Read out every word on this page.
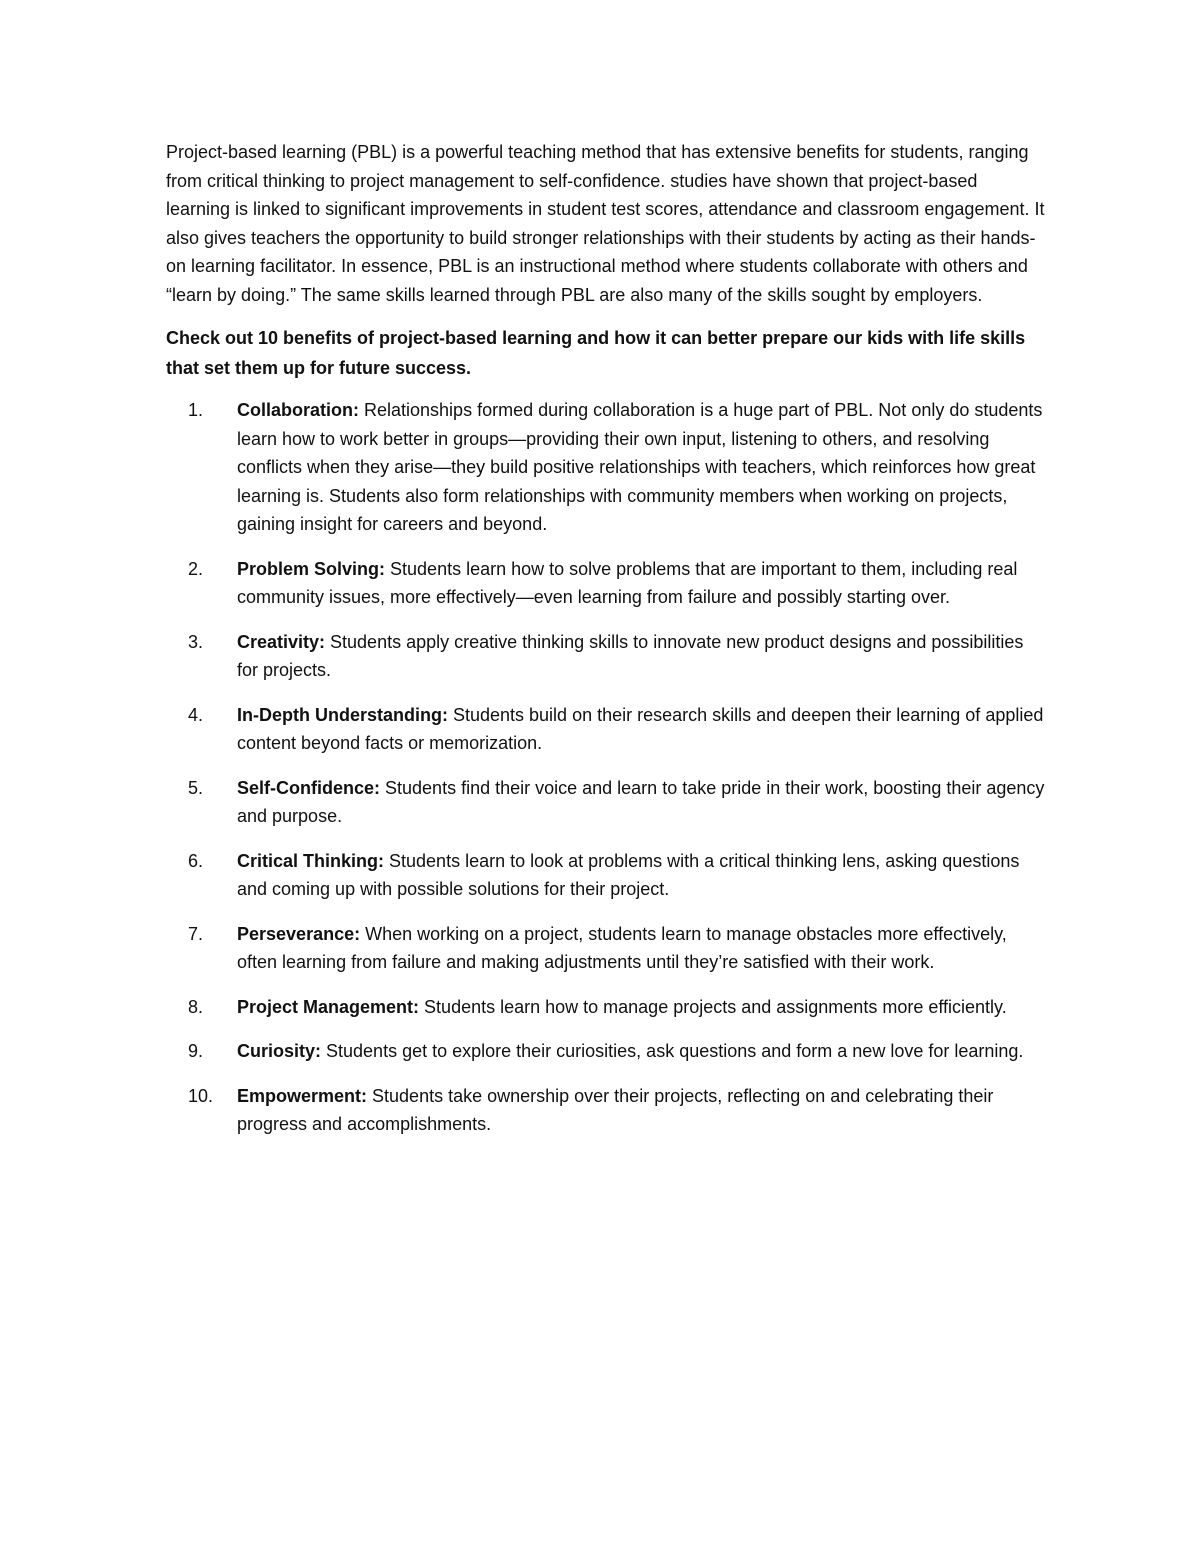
Project-based learning (PBL) is a powerful teaching method that has extensive benefits for students, ranging from critical thinking to project management to self-confidence. studies have shown that project-based learning is linked to significant improvements in student test scores, attendance and classroom engagement. It also gives teachers the opportunity to build stronger relationships with their students by acting as their hands-on learning facilitator. In essence, PBL is an instructional method where students collaborate with others and “learn by doing.” The same skills learned through PBL are also many of the skills sought by employers.

Check out 10 benefits of project-based learning and how it can better prepare our kids with life skills that set them up for future success.

1.	Collaboration: Relationships formed during collaboration is a huge part of PBL. Not only do students learn how to work better in groups—providing their own input, listening to others, and resolving conflicts when they arise—they build positive relationships with teachers, which reinforces how great learning is. Students also form relationships with community members when working on projects, gaining insight for careers and beyond.
2.	Problem Solving: Students learn how to solve problems that are important to them, including real community issues, more effectively—even learning from failure and possibly starting over.
3.	Creativity: Students apply creative thinking skills to innovate new product designs and possibilities for projects.
4.	In-Depth Understanding: Students build on their research skills and deepen their learning of applied content beyond facts or memorization.
5.	Self-Confidence: Students find their voice and learn to take pride in their work, boosting their agency and purpose.
6.	Critical Thinking: Students learn to look at problems with a critical thinking lens, asking questions and coming up with possible solutions for their project.
7.	Perseverance: When working on a project, students learn to manage obstacles more effectively, often learning from failure and making adjustments until they’re satisfied with their work.
8.	Project Management: Students learn how to manage projects and assignments more efficiently.
9.	Curiosity: Students get to explore their curiosities, ask questions and form a new love for learning.
10.	Empowerment: Students take ownership over their projects, reflecting on and celebrating their progress and accomplishments.
